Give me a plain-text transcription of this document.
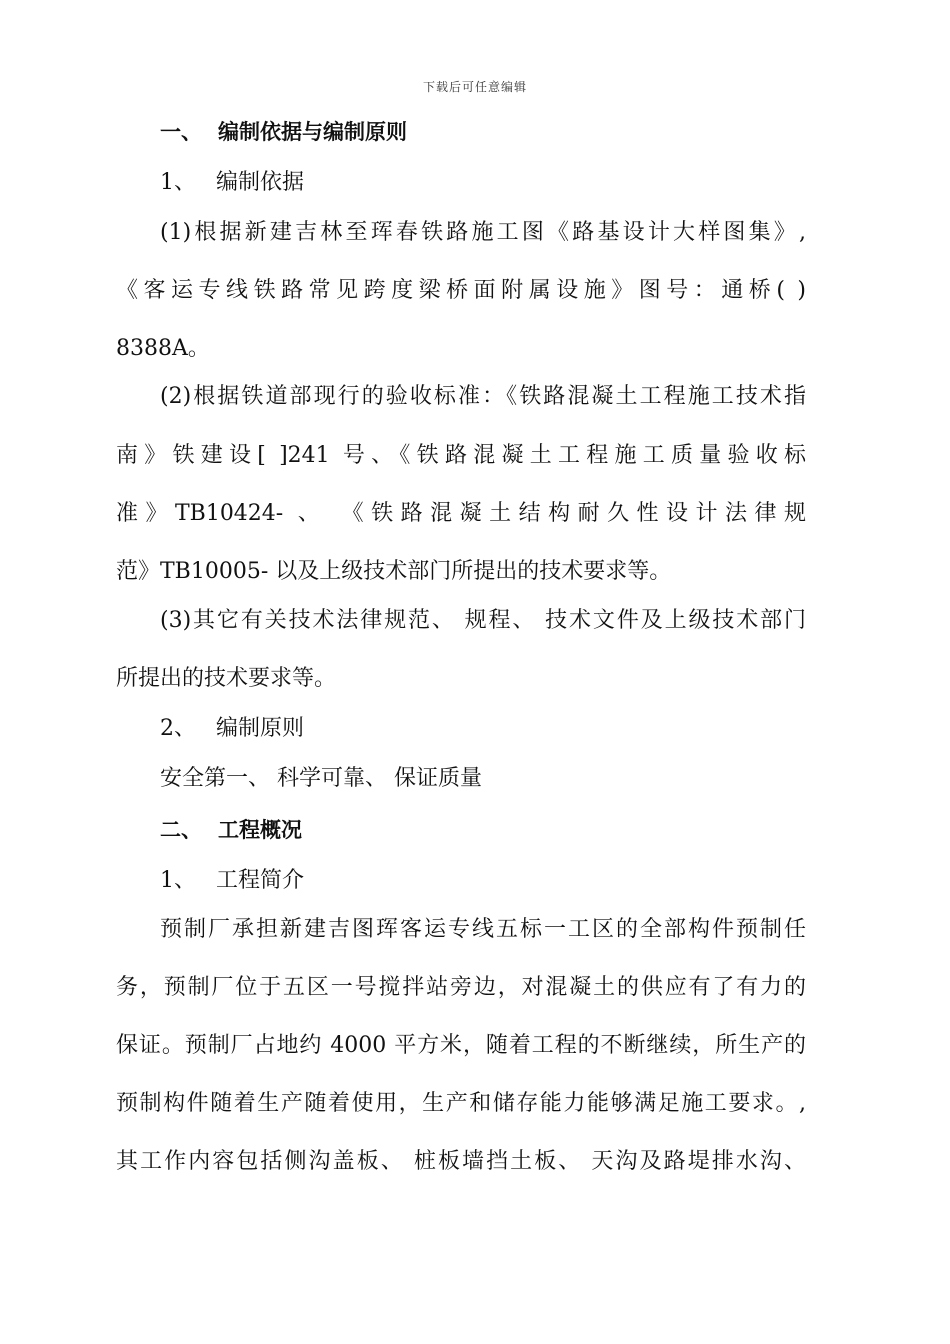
下载后可任意编辑
一、 编制依据与编制原则
1、 编制依据
(1)根据新建吉林至珲春铁路施工图《路基设计大样图集》,
《客运专线铁路常见跨度梁桥面附属设施》图号：通桥( )
8388A。
(2)根据铁道部现行的验收标准：《铁路混凝土工程施工技术指
南》铁建设[ ]241 号、《铁路混凝土工程施工质量验收标
准》TB10424- 、 《铁路混凝土结构耐久性设计法律规
范》TB10005- 以及上级技术部门所提出的技术要求等。
(3)其它有关技术法律规范、 规程、 技术文件及上级技术部门
所提出的技术要求等。
2、 编制原则
安全第一、 科学可靠、 保证质量
二、 工程概况
1、 工程简介
预制厂承担新建吉图珲客运专线五标一工区的全部构件预制任
务，预制厂位于五区一号搅拌站旁边，对混凝土的供应有了有力的
保证。预制厂占地约 4000 平方米，随着工程的不断继续，所生产的
预制构件随着生产随着使用，生产和储存能力能够满足施工要求。,
其工作内容包括侧沟盖板、 桩板墙挡土板、 天沟及路堤排水沟、
